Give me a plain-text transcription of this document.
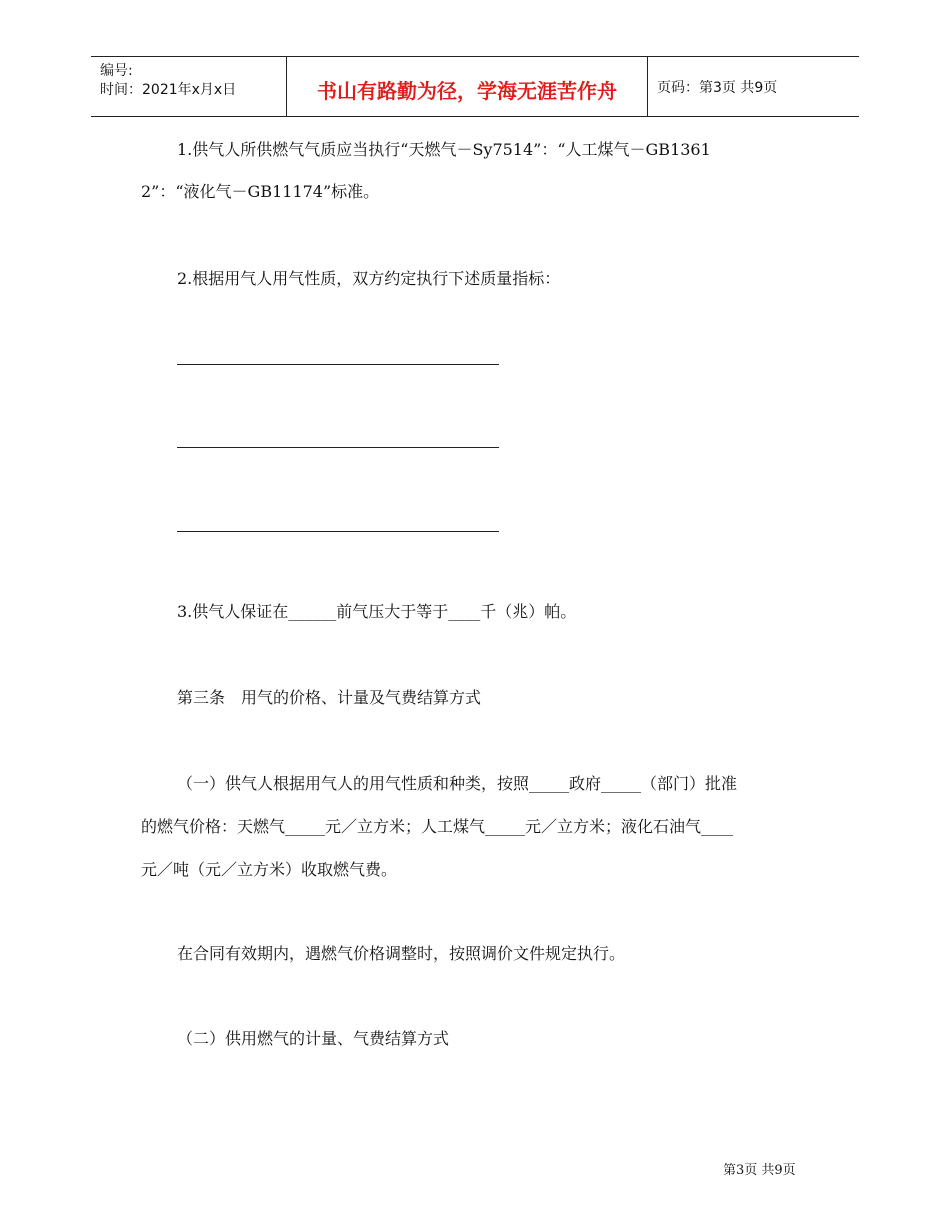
编号:
时间：2021年x月x日	书山有路勤为径，学海无涯苦作舟	页码：第3页 共9页
1.供气人所供燃气气质应当执行“天燃气－Sy7514”：“人工煤气－GB1361
2”：“液化气－GB11174”标准。
2.根据用气人用气性质，双方约定执行下述质量指标：
3.供气人保证在______前气压大于等于____千（兆）帕。
第三条　用气的价格、计量及气费结算方式
（一）供气人根据用气人的用气性质和种类，按照_____政府_____（部门）批准
的燃气价格：天燃气_____元／立方米；人工煤气_____元／立方米；液化石油气____
元／吨（元／立方米）收取燃气费。
在合同有效期内，遇燃气价格调整时，按照调价文件规定执行。
（二）供用燃气的计量、气费结算方式
第3页 共9页
